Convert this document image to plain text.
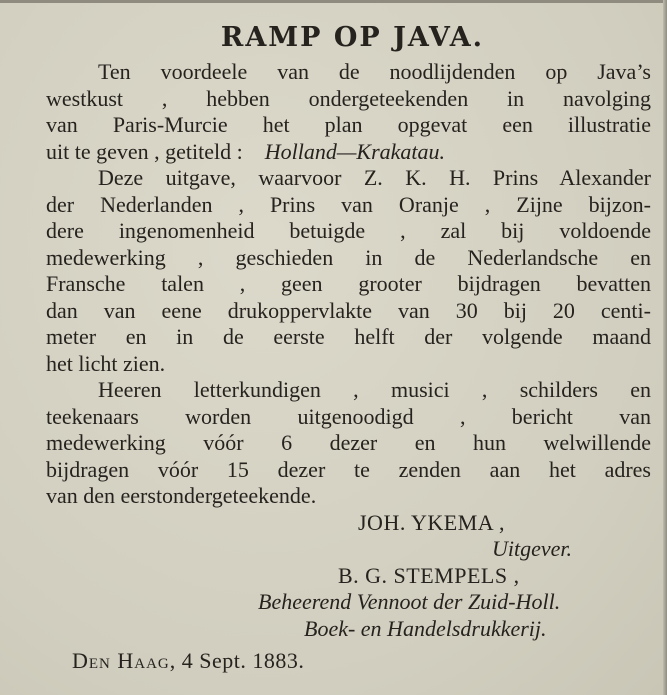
RAMP OP JAVA.

Ten voordeele van de noodlijdenden op Java’s
westkust , hebben ondergeteekenden in navolging
van Paris-Murcie het plan opgevat een illustratie
uit te geven , getiteld : Holland—Krakatau.

Deze uitgave, waarvoor Z. K. H. Prins Alexander
der Nederlanden , Prins van Oranje , Zijne bijzon-
dere ingenomenheid betuigde , zal bij voldoende
medewerking , geschieden in de Nederlandsche en
Fransche talen , geen grooter bijdragen bevatten
dan van eene drukoppervlakte van 30 bij 20 centi-
meter en in de eerste helft der volgende maand
het licht zien.

Heeren letterkundigen , musici , schilders en
teekenaars worden uitgenoodigd , bericht van
medewerking vóór 6 dezer en hun welwillende
bijdragen vóór 15 dezer te zenden aan het adres
van den eerstondergeteekende.

JOH. YKEMA ,
Uitgever.
B. G. STEMPELS ,
Beheerend Vennoot der Zuid-Holl.
Boek- en Handelsdrukkerij.
Den Haag, 4 Sept. 1883.
